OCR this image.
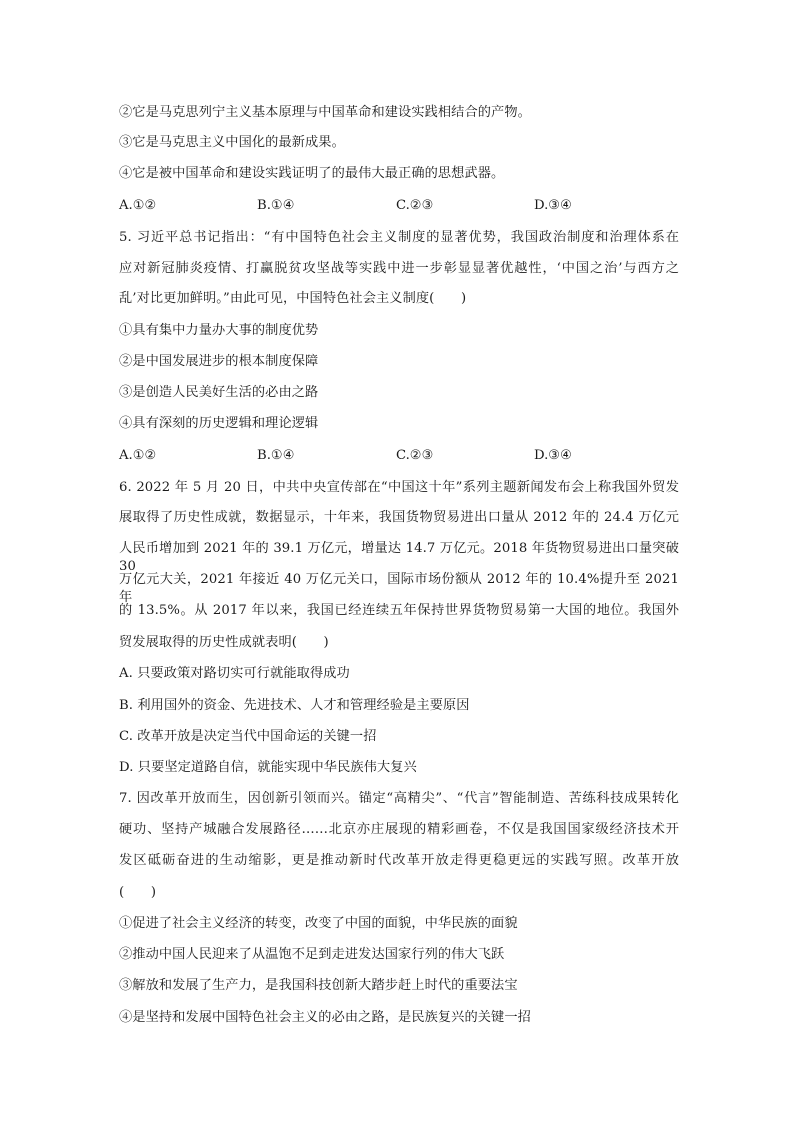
②它是马克思列宁主义基本原理与中国革命和建设实践相结合的产物。
③它是马克思主义中国化的最新成果。
④它是被中国革命和建设实践证明了的最伟大最正确的思想武器。
A.①②	B.①④	C.②③	D.③④
5. 习近平总书记指出：“有中国特色社会主义制度的显著优势，我国政治制度和治理体系在
应对新冠肺炎疫情、打赢脱贫攻坚战等实践中进一步彰显显著优越性，‘中国之治’与西方之
乱’对比更加鲜明。”由此可见，中国特色社会主义制度(　　)
①具有集中力量办大事的制度优势
②是中国发展进步的根本制度保障
③是创造人民美好生活的必由之路
④具有深刻的历史逻辑和理论逻辑
A.①②	B.①④	C.②③	D.③④
6. 2022 年 5 月 20 日，中共中央宣传部在“中国这十年”系列主题新闻发布会上称我国外贸发
展取得了历史性成就，数据显示，十年来，我国货物贸易进出口量从 2012 年的 24.4 万亿元
人民币增加到 2021 年的 39.1 万亿元，增量达 14.7 万亿元。2018 年货物贸易进出口量突破 30
万亿元大关，2021 年接近 40 万亿元关口，国际市场份额从 2012 年的 10.4%提升至 2021 年
的 13.5%。从 2017 年以来，我国已经连续五年保持世界货物贸易第一大国的地位。我国外
贸发展取得的历史性成就表明(　　)
A. 只要政策对路切实可行就能取得成功
B. 利用国外的资金、先进技术、人才和管理经验是主要原因
C. 改革开放是决定当代中国命运的关键一招
D. 只要坚定道路自信，就能实现中华民族伟大复兴
7. 因改革开放而生，因创新引领而兴。锚定“高精尖”、“代言”智能制造、苦练科技成果转化
硬功、坚持产城融合发展路径……北京亦庄展现的精彩画卷，不仅是我国国家级经济技术开
发区砥砺奋进的生动缩影，更是推动新时代改革开放走得更稳更远的实践写照。改革开放
(　　)
①促进了社会主义经济的转变，改变了中国的面貌，中华民族的面貌
②推动中国人民迎来了从温饱不足到走进发达国家行列的伟大飞跃
③解放和发展了生产力，是我国科技创新大踏步赶上时代的重要法宝
④是坚持和发展中国特色社会主义的必由之路，是民族复兴的关键一招
